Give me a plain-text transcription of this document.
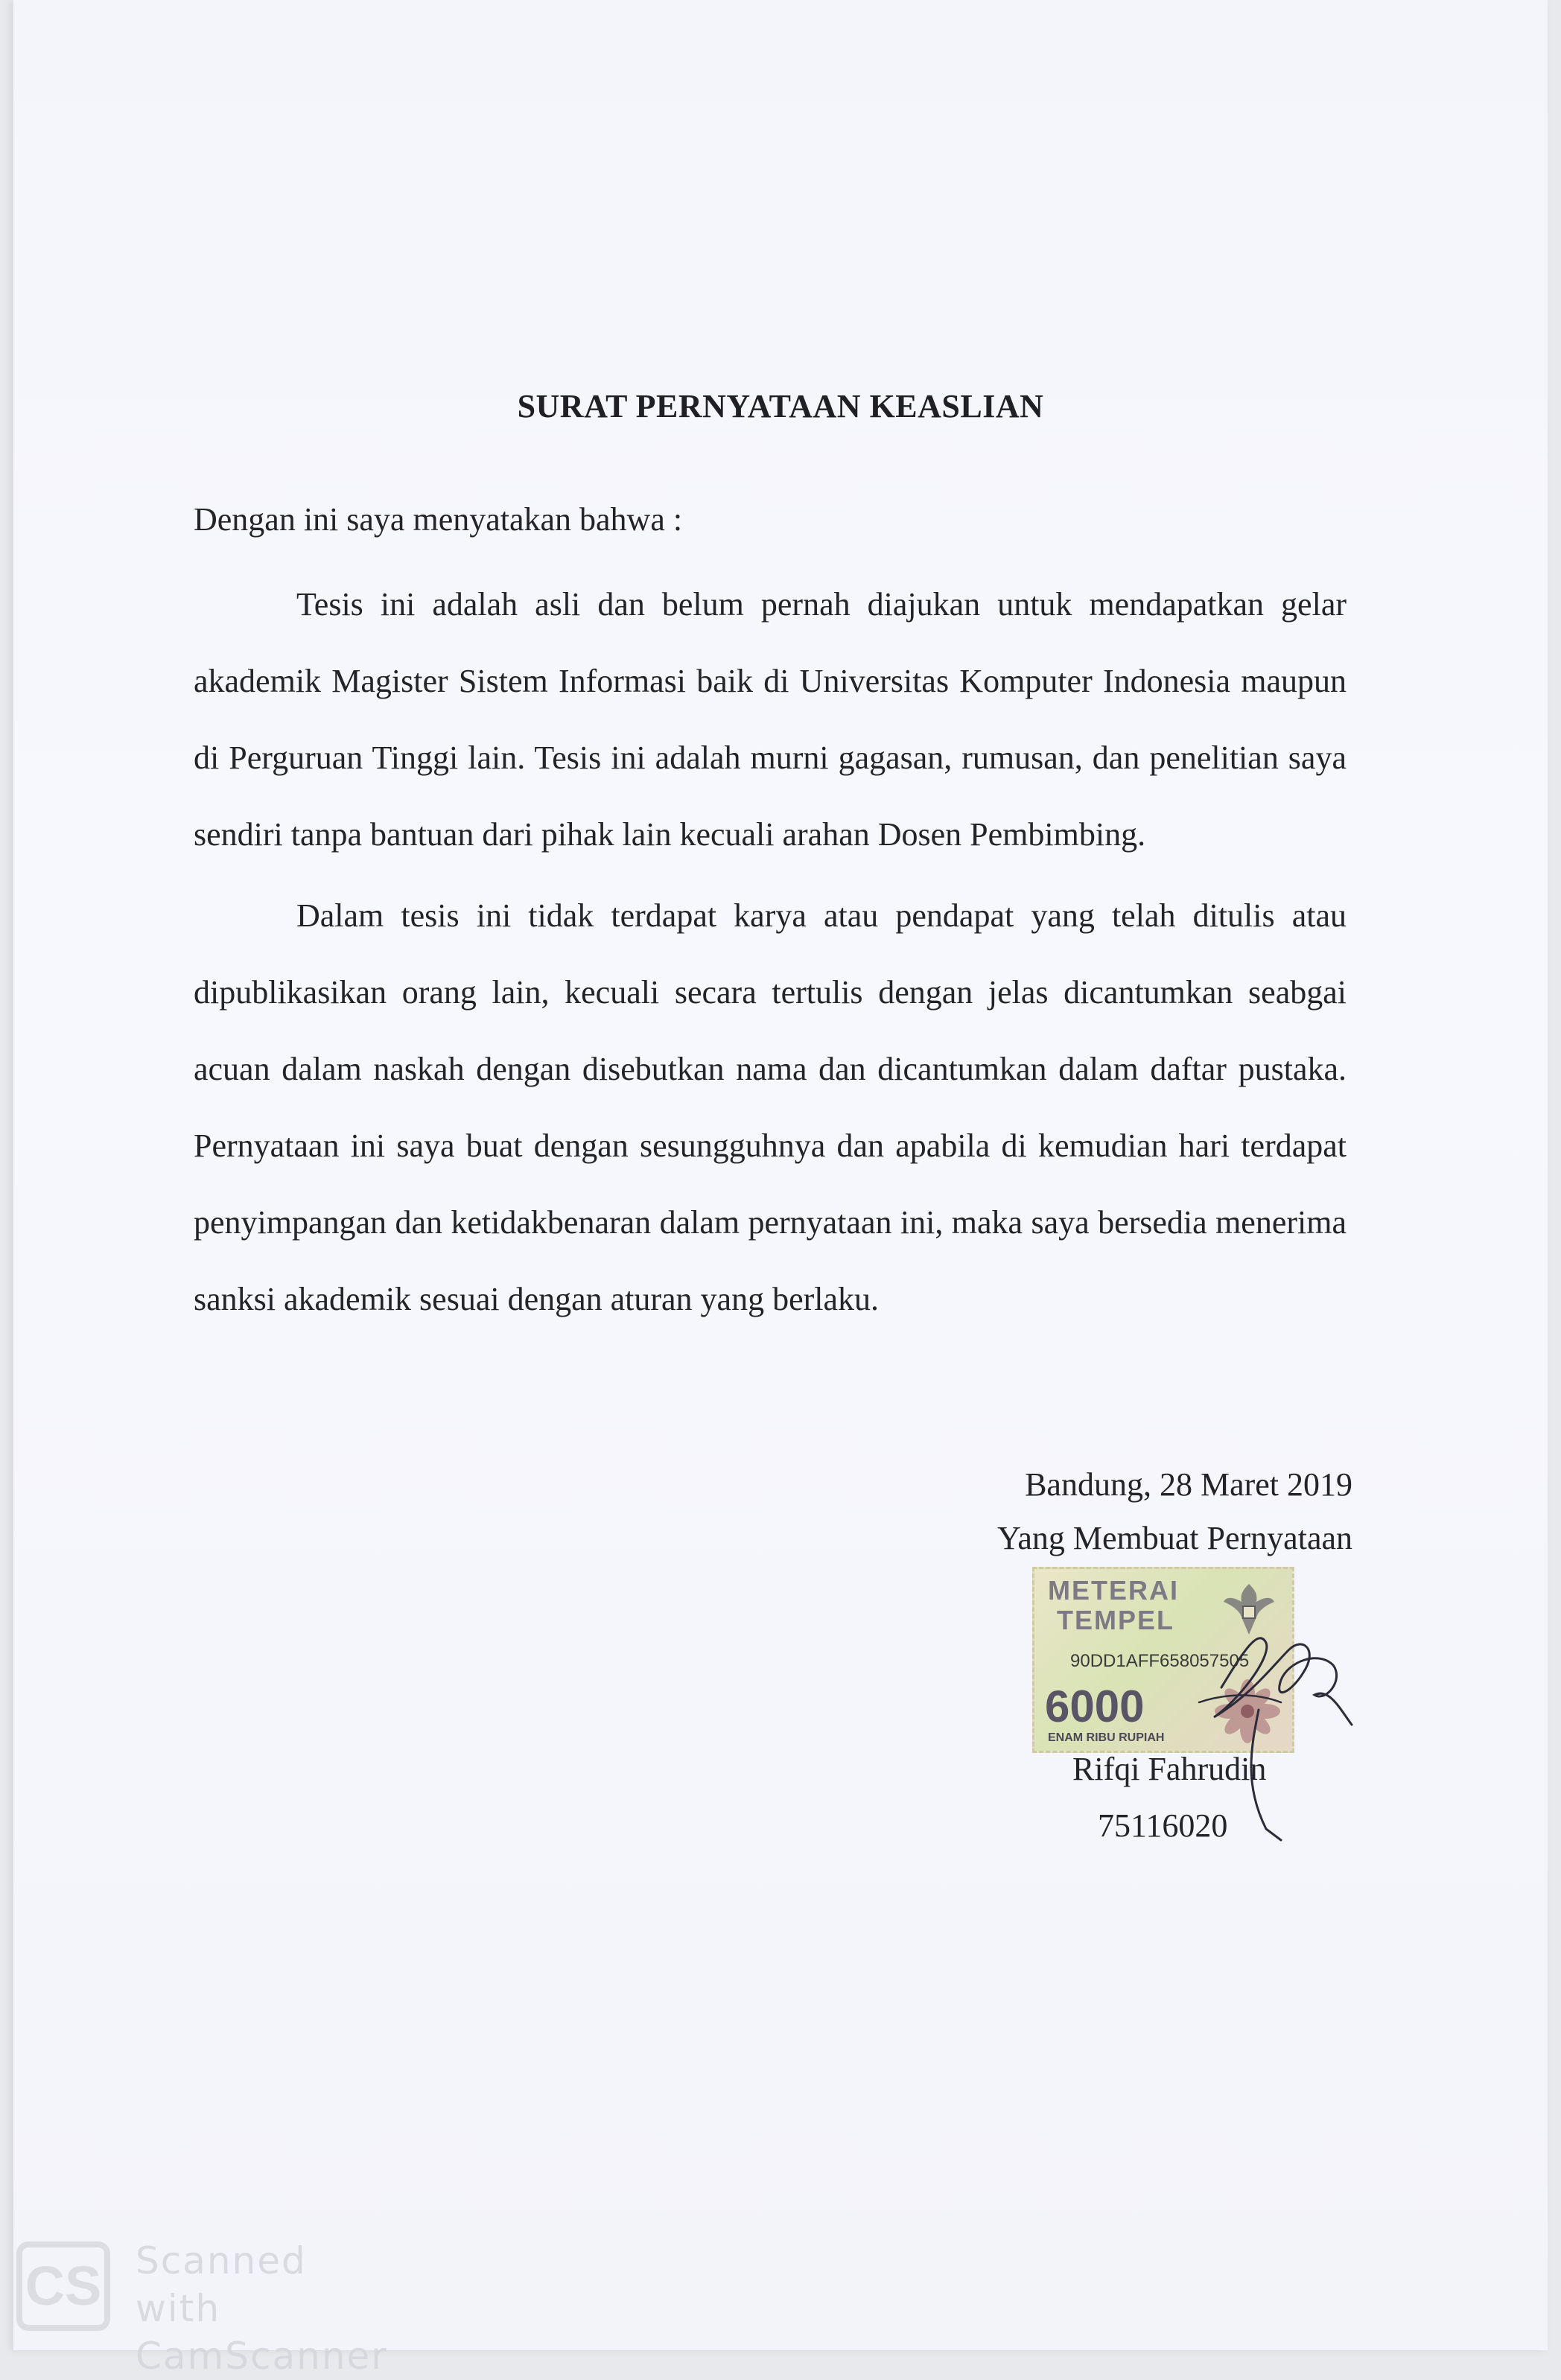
SURAT PERNYATAAN KEASLIAN
Dengan ini saya menyatakan bahwa :
Tesis ini adalah asli dan belum pernah diajukan untuk mendapatkan gelar akademik Magister Sistem Informasi baik di Universitas Komputer Indonesia maupun di Perguruan Tinggi lain. Tesis ini adalah murni gagasan, rumusan, dan penelitian saya sendiri tanpa bantuan dari pihak lain kecuali arahan Dosen Pembimbing.
Dalam tesis ini tidak terdapat karya atau pendapat yang telah ditulis atau dipublikasikan orang lain, kecuali secara tertulis dengan jelas dicantumkan seabgai acuan dalam naskah dengan disebutkan nama dan dicantumkan dalam daftar pustaka. Pernyataan ini saya buat dengan sesungguhnya dan apabila di kemudian hari terdapat penyimpangan dan ketidakbenaran dalam pernyataan ini, maka saya bersedia menerima sanksi akademik sesuai dengan aturan yang berlaku.
Bandung, 28 Maret 2019
Yang Membuat Pernyataan
METERAI
TEMPEL
90DD1AFF658057505
6000
ENAM RIBU RUPIAH
Rifqi Fahrudin
75116020
CS Scanned with
CamScanner
